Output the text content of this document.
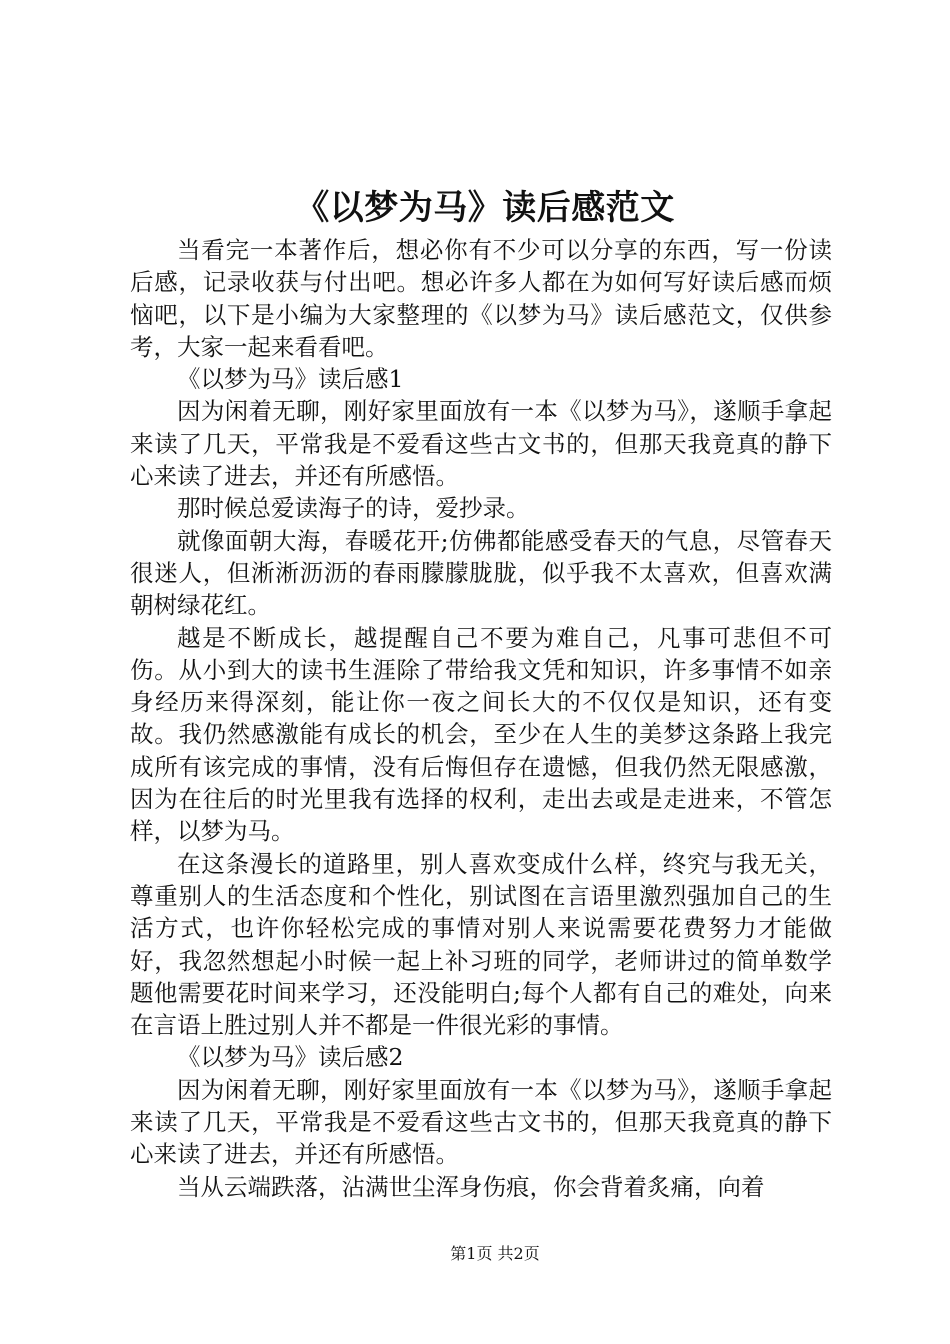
《以梦为马》读后感范文

当看完一本著作后，想必你有不少可以分享的东西，写一份读后感，记录收获与付出吧。想必许多人都在为如何写好读后感而烦恼吧，以下是小编为大家整理的《以梦为马》读后感范文，仅供参考，大家一起来看看吧。

《以梦为马》读后感1

因为闲着无聊，刚好家里面放有一本《以梦为马》，遂顺手拿起来读了几天，平常我是不爱看这些古文书的，但那天我竟真的静下心来读了进去，并还有所感悟。

那时候总爱读海子的诗，爱抄录。

就像面朝大海，春暖花开;仿佛都能感受春天的气息，尽管春天很迷人，但淅淅沥沥的春雨朦朦胧胧，似乎我不太喜欢，但喜欢满朝树绿花红。

越是不断成长，越提醒自己不要为难自己，凡事可悲但不可伤。从小到大的读书生涯除了带给我文凭和知识，许多事情不如亲身经历来得深刻，能让你一夜之间长大的不仅仅是知识，还有变故。我仍然感激能有成长的机会，至少在人生的美梦这条路上我完成所有该完成的事情，没有后悔但存在遗憾，但我仍然无限感激，因为在往后的时光里我有选择的权利，走出去或是走进来，不管怎样，以梦为马。

在这条漫长的道路里，别人喜欢变成什么样，终究与我无关，尊重别人的生活态度和个性化，别试图在言语里激烈强加自己的生活方式，也许你轻松完成的事情对别人来说需要花费努力才能做好，我忽然想起小时候一起上补习班的同学，老师讲过的简单数学题他需要花时间来学习，还没能明白;每个人都有自己的难处，向来在言语上胜过别人并不都是一件很光彩的事情。

《以梦为马》读后感2

因为闲着无聊，刚好家里面放有一本《以梦为马》，遂顺手拿起来读了几天，平常我是不爱看这些古文书的，但那天我竟真的静下心来读了进去，并还有所感悟。

当从云端跌落，沾满世尘浑身伤痕，你会背着炙痛，向着

第1页 共2页
